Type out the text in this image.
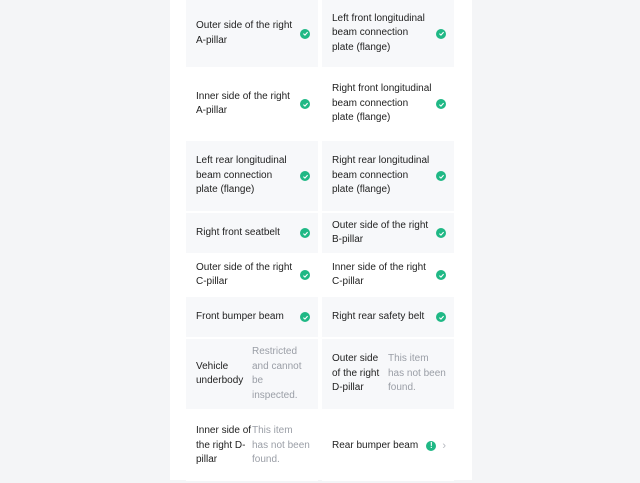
Outer side of the right A-pillar
Left front longitudinal beam connection plate (flange)
Inner side of the right A-pillar
Right front longitudinal beam connection plate (flange)
Left rear longitudinal beam connection plate (flange)
Right rear longitudinal beam connection plate (flange)
Right front seatbelt
Outer side of the right B-pillar
Outer side of the right C-pillar
Inner side of the right C-pillar
Front bumper beam	Right rear safety belt
Vehicle underbody
Restricted and cannot be inspected.
Outer side of the right D-pillar
This item has not been found.
Inner side of the right D-pillar
This item has not been found.
Rear bumper beam	! ›
